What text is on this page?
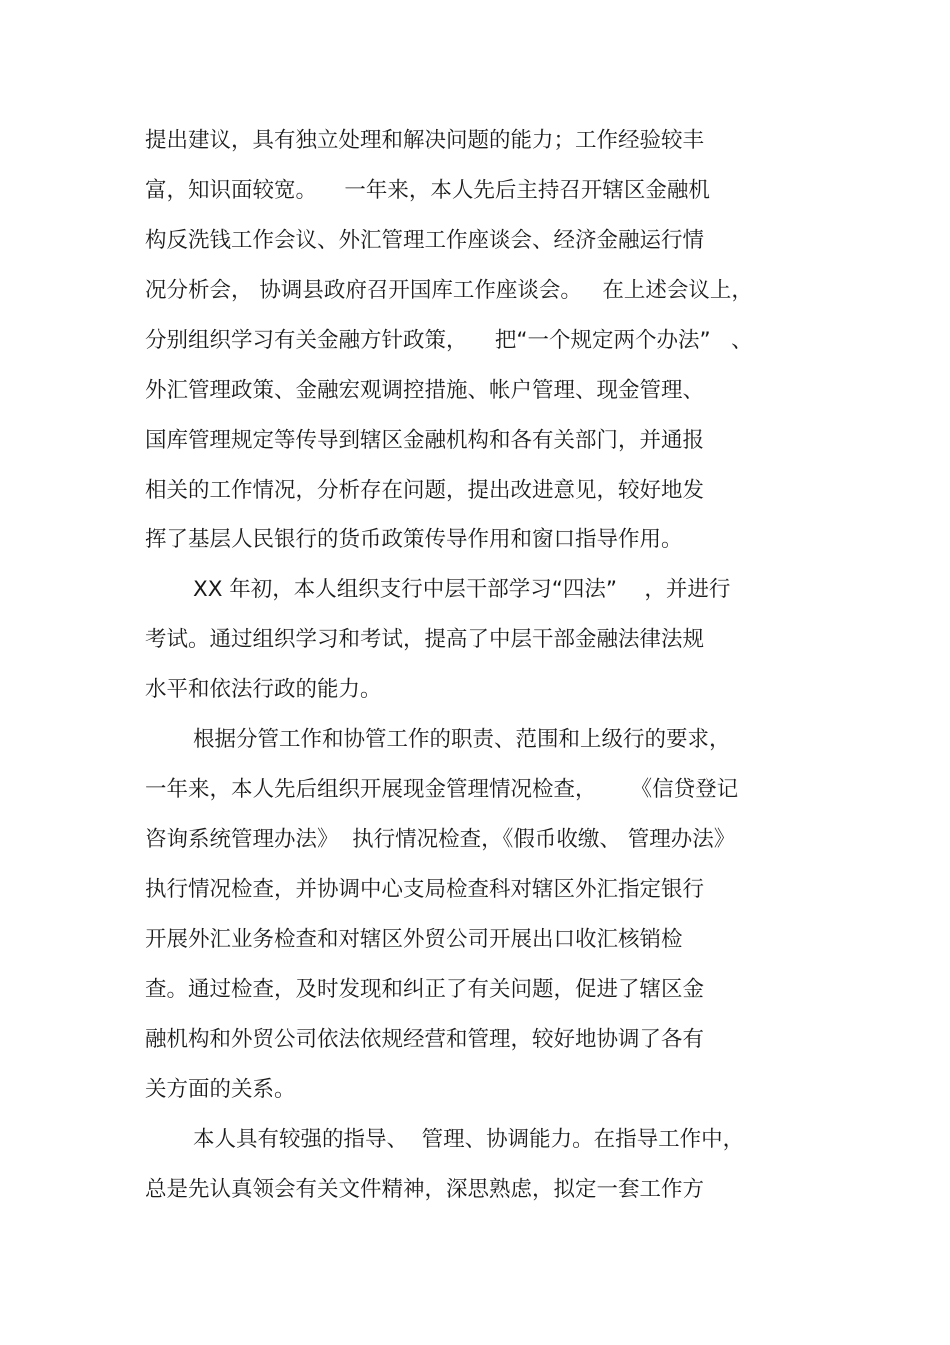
提出建议，具有独立处理和解决问题的能力；工作经验较丰
富，知识面较宽。    一年来，本人先后主持召开辖区金融机
构反洗钱工作会议、外汇管理工作座谈会、经济金融运行情
况分析会， 协调县政府召开国库工作座谈会。   在上述会议上，
分别组织学习有关金融方针政策，    把“一个规定两个办法”   、
外汇管理政策、金融宏观调控措施、帐户管理、现金管理、
国库管理规定等传导到辖区金融机构和各有关部门，并通报
相关的工作情况，分析存在问题，提出改进意见，较好地发
挥了基层人民银行的货币政策传导作用和窗口指导作用。
XX 年初，本人组织支行中层干部学习“四法”    ，并进行
考试。通过组织学习和考试，提高了中层干部金融法律法规
水平和依法行政的能力。
根据分管工作和协管工作的职责、范围和上级行的要求，
一年来，本人先后组织开展现金管理情况检查，     《信贷登记
咨询系统管理办法》  执行情况检查，《假币收缴、 管理办法》
执行情况检查，并协调中心支局检查科对辖区外汇指定银行
开展外汇业务检查和对辖区外贸公司开展出口收汇核销检
查。通过检查，及时发现和纠正了有关问题，促进了辖区金
融机构和外贸公司依法依规经营和管理，较好地协调了各有
关方面的关系。
本人具有较强的指导、  管理、协调能力。在指导工作中，
总是先认真领会有关文件精神，深思熟虑，拟定一套工作方
